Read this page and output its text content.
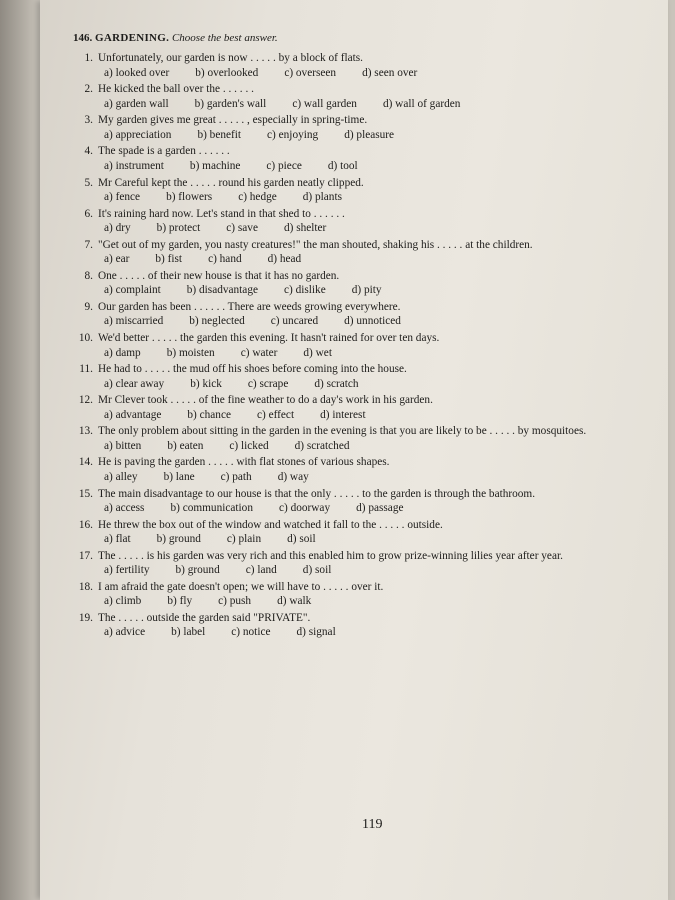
146. GARDENING. Choose the best answer.
1. Unfortunately, our garden is now . . . . . by a block of flats.
a) looked over b) overlooked c) overseen d) seen over
2. He kicked the ball over the . . . . . .
a) garden wall b) garden's wall c) wall garden d) wall of garden
3. My garden gives me great . . . . . , especially in spring-time.
a) appreciation b) benefit c) enjoying d) pleasure
4. The spade is a garden . . . . . .
a) instrument b) machine c) piece d) tool
5. Mr Careful kept the . . . . . round his garden neatly clipped.
a) fence b) flowers c) hedge d) plants
6. It's raining hard now. Let's stand in that shed to . . . . . .
a) dry b) protect c) save d) shelter
7. "Get out of my garden, you nasty creatures!" the man shouted, shaking his . . . . . at the children.
a) ear b) fist c) hand d) head
8. One . . . . . of their new house is that it has no garden.
a) complaint b) disadvantage c) dislike d) pity
9. Our garden has been . . . . . . There are weeds growing everywhere.
a) miscarried b) neglected c) uncared d) unnoticed
10. We'd better . . . . . the garden this evening. It hasn't rained for over ten days.
a) damp b) moisten c) water d) wet
11. He had to . . . . . the mud off his shoes before coming into the house.
a) clear away b) kick c) scrape d) scratch
12. Mr Clever took . . . . . of the fine weather to do a day's work in his garden.
a) advantage b) chance c) effect d) interest
13. The only problem about sitting in the garden in the evening is that you are likely to be . . . . . by mosquitoes.
a) bitten b) eaten c) licked d) scratched
14. He is paving the garden . . . . . with flat stones of various shapes.
a) alley b) lane c) path d) way
15. The main disadvantage to our house is that the only . . . . . to the garden is through the bathroom.
a) access b) communication c) doorway d) passage
16. He threw the box out of the window and watched it fall to the . . . . . outside.
a) flat b) ground c) plain d) soil
17. The . . . . . is his garden was very rich and this enabled him to grow prize-winning lilies year after year.
a) fertility b) ground c) land d) soil
18. I am afraid the gate doesn't open; we will have to . . . . . over it.
a) climb b) fly c) push d) walk
19. The . . . . . outside the garden said "PRIVATE".
a) advice b) label c) notice d) signal
119
